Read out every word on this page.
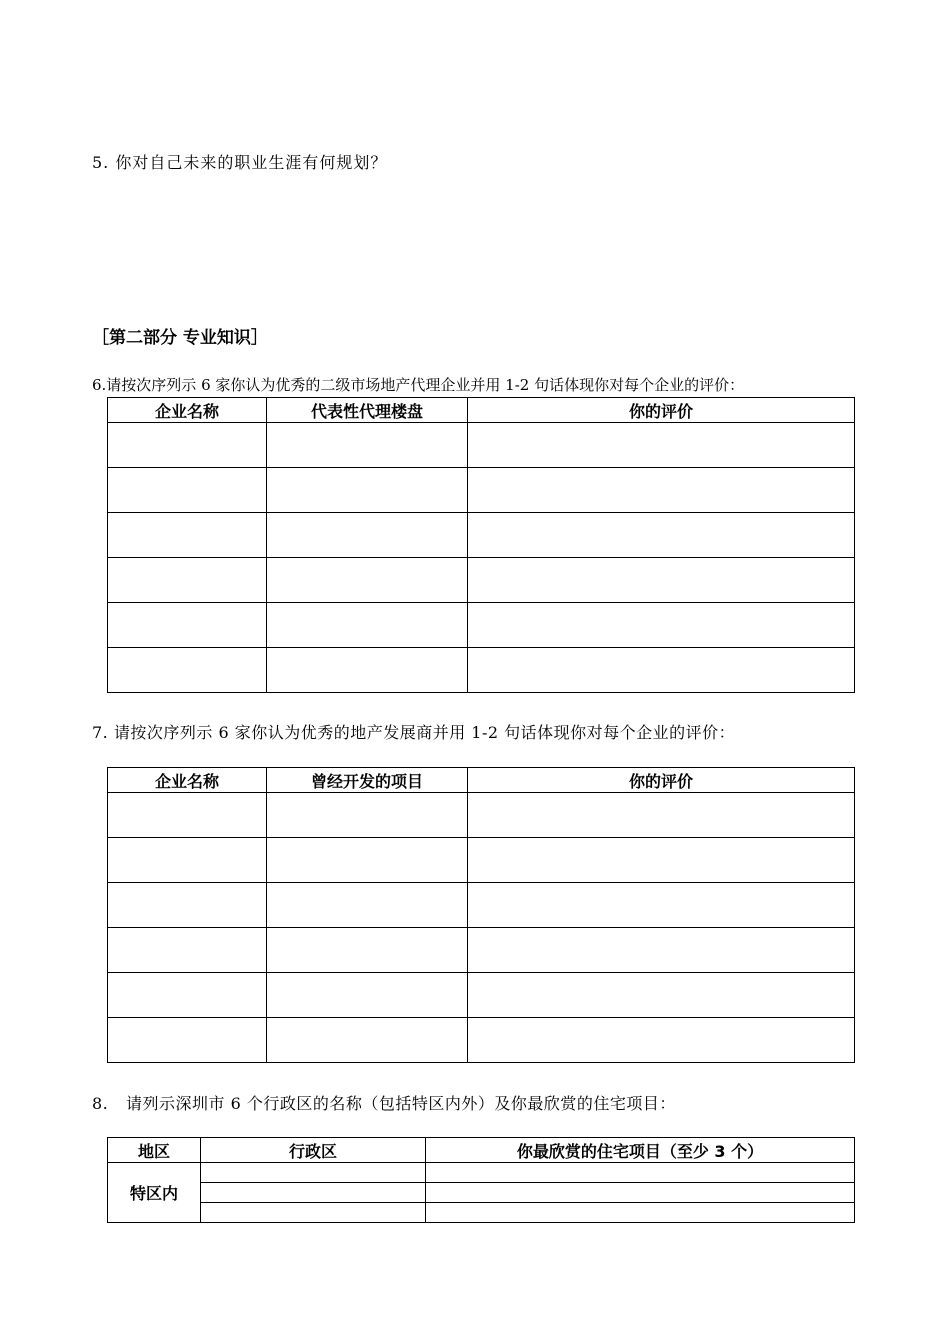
5. 你对自己未来的职业生涯有何规划？
［第二部分 专业知识］
6.请按次序列示 6 家你认为优秀的二级市场地产代理企业并用 1-2 句话体现你对每个企业的评价：
企业名称	代表性代理楼盘	你的评价

7. 请按次序列示 6 家你认为优秀的地产发展商并用 1-2 句话体现你对每个企业的评价：
企业名称	曾经开发的项目	你的评价

8. 请列示深圳市 6 个行政区的名称（包括特区内外）及你最欣赏的住宅项目：
地区	行政区	你最欣赏的住宅项目（至少 3 个）
特区内		
